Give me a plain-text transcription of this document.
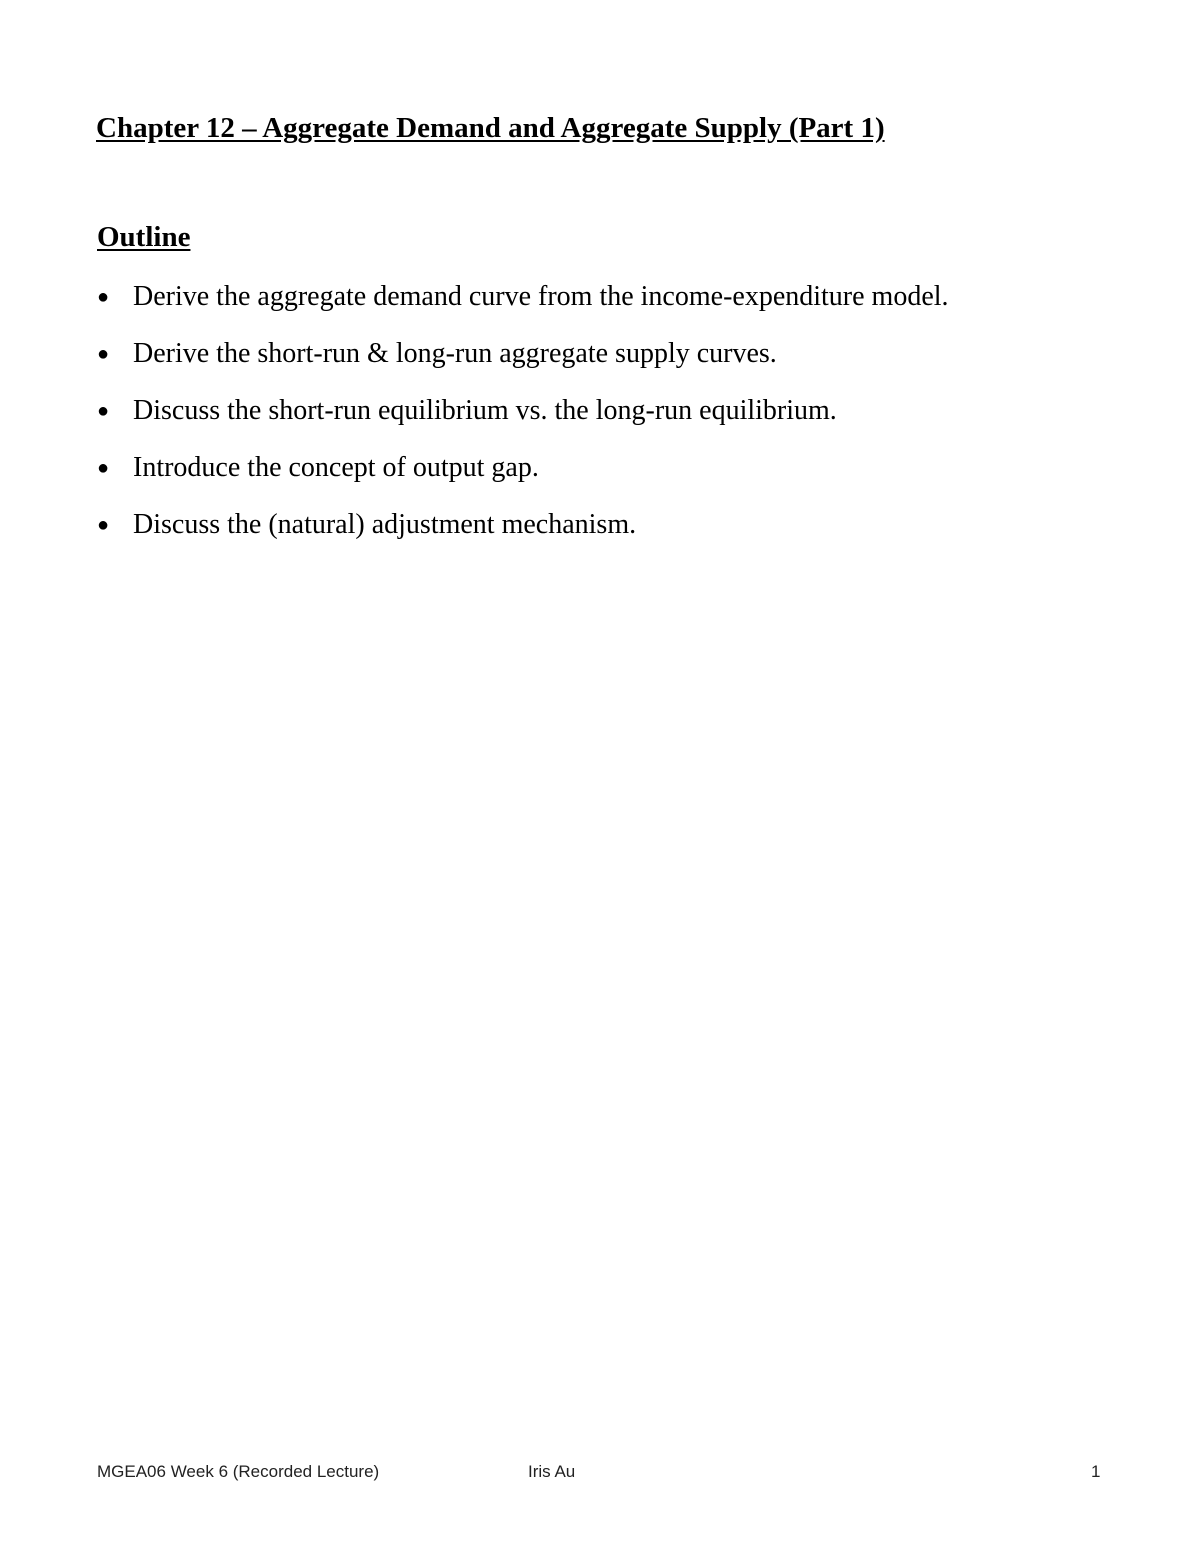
Chapter 12 – Aggregate Demand and Aggregate Supply (Part 1)
Outline
● Derive the aggregate demand curve from the income-expenditure model.
● Derive the short-run & long-run aggregate supply curves.
● Discuss the short-run equilibrium vs. the long-run equilibrium.
● Introduce the concept of output gap.
● Discuss the (natural) adjustment mechanism.
MGEA06 Week 6 (Recorded Lecture)	Iris Au	1
